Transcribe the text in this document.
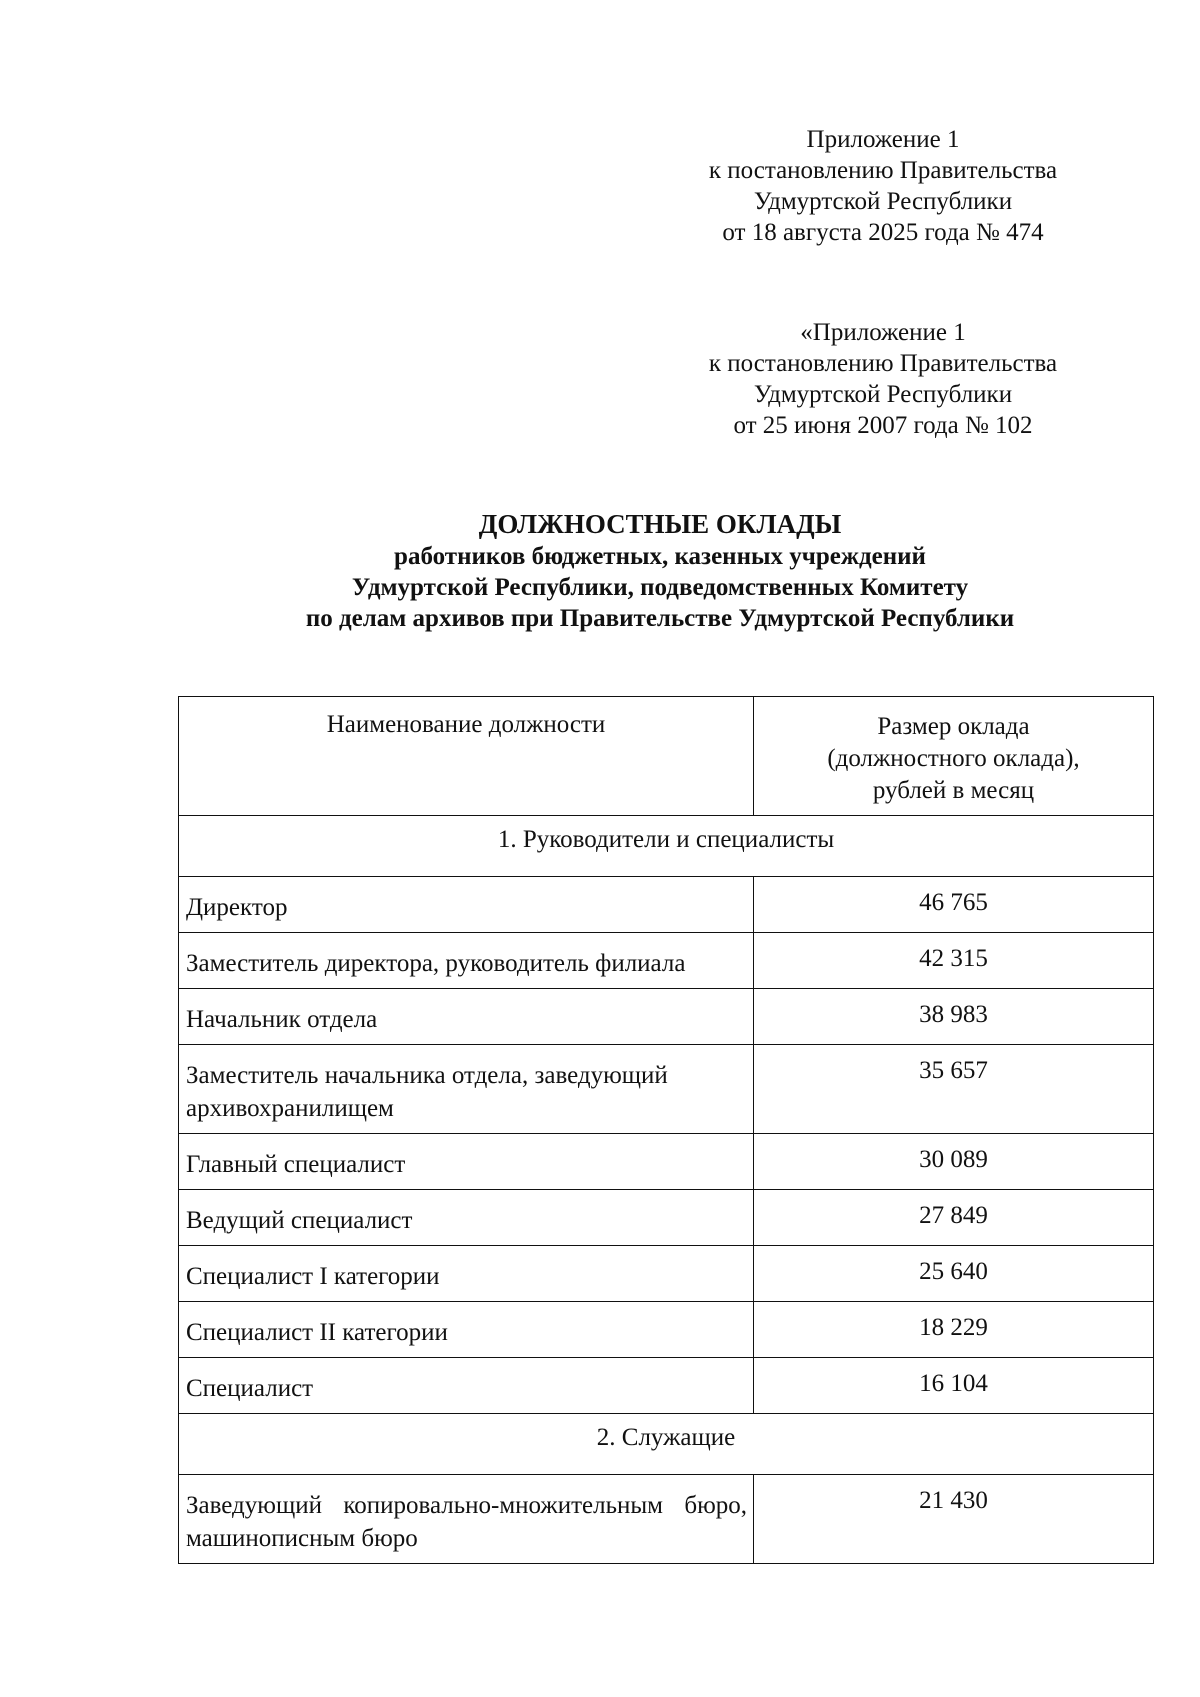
Приложение 1
к постановлению Правительства
Удмуртской Республики
от 18 августа 2025 года № 474
«Приложение 1
к постановлению Правительства
Удмуртской Республики
от 25 июня 2007 года № 102
ДОЛЖНОСТНЫЕ ОКЛАДЫ
работников бюджетных, казенных учреждений
Удмуртской Республики, подведомственных Комитету
по делам архивов при Правительстве Удмуртской Республики
Наименование должности	Размер оклада
(должностного оклада),
рублей в месяц

1. Руководители и специалисты	
Директор	46 765
Заместитель директора, руководитель филиала	42 315
Начальник отдела	38 983
Заместитель начальника отдела, заведующий архивохранилищем	35 657
Главный специалист	30 089
Ведущий специалист	27 849
Специалист I категории	25 640
Специалист II категории	18 229
Специалист	16 104
2. Служащие	
Заведующий копировально-множительным бюро, машинописным бюро	21 430
